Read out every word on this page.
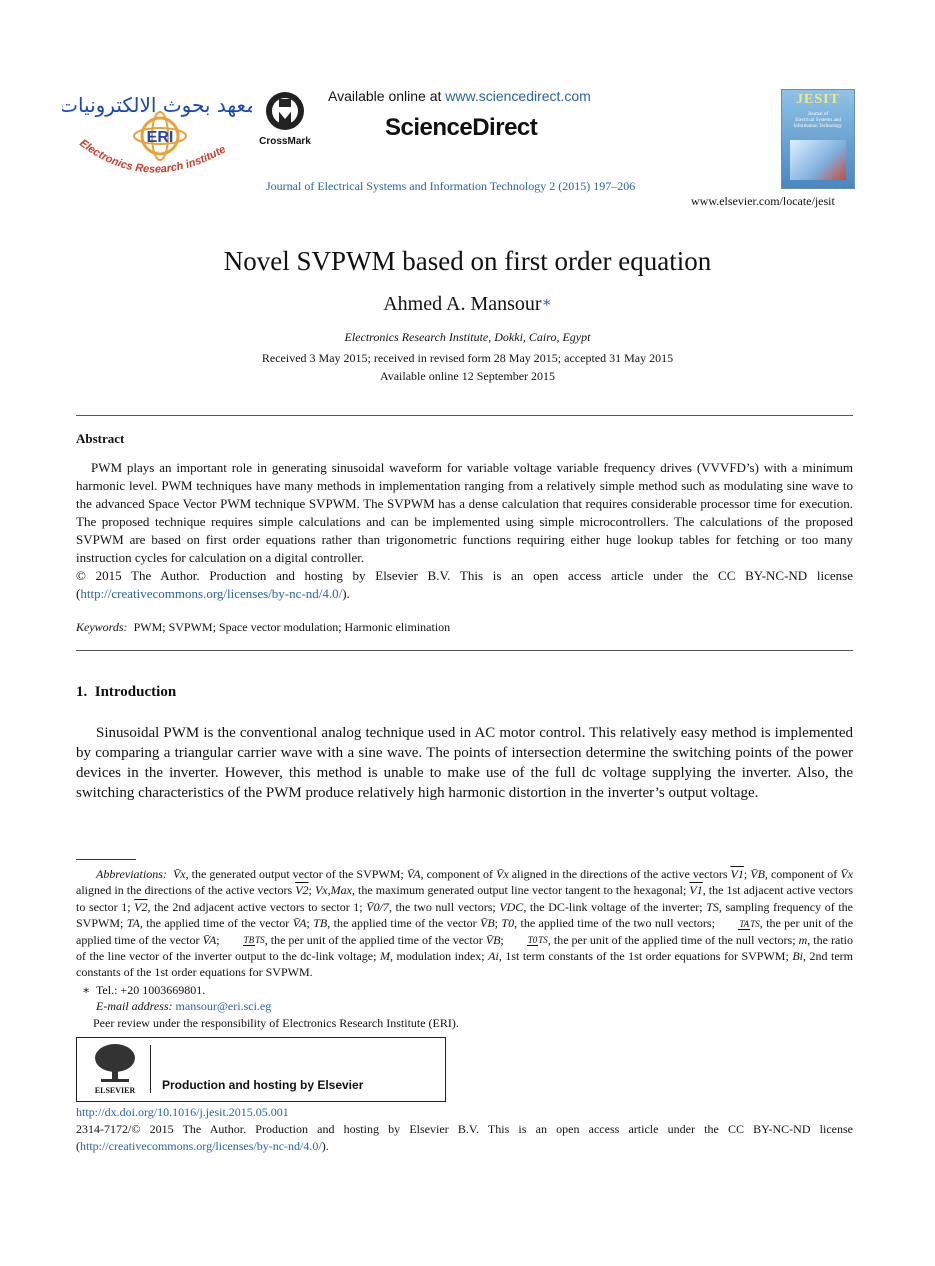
معهد بحوث الالكترونيات
ERI
Electronics Research institute
CrossMark
Available online at www.sciencedirect.com
ScienceDirect
JESIT
Journal of
Electrical Systems and
Information Technology
Journal of Electrical Systems and Information Technology 2 (2015) 197–206
www.elsevier.com/locate/jesit
Novel SVPWM based on first order equation
Ahmed A. Mansour∗
Electronics Research Institute, Dokki, Cairo, Egypt
Received 3 May 2015; received in revised form 28 May 2015; accepted 31 May 2015
Available online 12 September 2015
Abstract
PWM plays an important role in generating sinusoidal waveform for variable voltage variable frequency drives (VVVFD’s) with a minimum harmonic level. PWM techniques have many methods in implementation ranging from a relatively simple method such as modulating sine wave to the advanced Space Vector PWM technique SVPWM. The SVPWM has a dense calculation that requires considerable processor time for execution. The proposed technique requires simple calculations and can be implemented using simple microcontrollers. The calculations of the proposed SVPWM are based on first order equations rather than trigonometric functions requiring either huge lookup tables for fetching or too many instruction cycles for calculation on a digital controller.
© 2015 The Author. Production and hosting by Elsevier B.V. This is an open access article under the CC BY-NC-ND license (http://creativecommons.org/licenses/by-nc-nd/4.0/).
Keywords: PWM; SVPWM; Space vector modulation; Harmonic elimination
1.  Introduction
Sinusoidal PWM is the conventional analog technique used in AC motor control. This relatively easy method is implemented by comparing a triangular carrier wave with a sine wave. The points of intersection determine the switching points of the power devices in the inverter. However, this method is unable to make use of the full dc voltage supplying the inverter. Also, the switching characteristics of the PWM produce relatively high harmonic distortion in the inverter’s output voltage.
Abbreviations: V̄x, the generated output vector of the SVPWM; V̄A, component of V̄x aligned in the directions of the active vectors V1; V̄B, component of V̄x aligned in the directions of the active vectors V2; Vx,Max, the maximum generated output line vector tangent to the hexagonal; V1, the 1st adjacent active vectors to sector 1; V2, the 2nd adjacent active vectors to sector 1; V̄0/7, the two null vectors; VDC, the DC-link voltage of the inverter; TS, sampling frequency of the SVPWM; TA, the applied time of the vector V̄A; TB, the applied time of the vector V̄B; T0, the applied time of the two null vectors; TATS, the per unit of the applied time of the vector V̄A; TBTS, the per unit of the applied time of the vector V̄B; T0TS, the per unit of the applied time of the null vectors; m, the ratio of the line vector of the inverter output to the dc-link voltage; M, modulation index; Ai, 1st term constants of the 1st order equations for SVPWM; Bi, 2nd term constants of the 1st order equations for SVPWM.
∗  Tel.: +20 1003669801.
E-mail address: mansour@eri.sci.eg
Peer review under the responsibility of Electronics Research Institute (ERI).
ELSEVIER	Production and hosting by Elsevier
http://dx.doi.org/10.1016/j.jesit.2015.05.001
2314-7172/© 2015 The Author. Production and hosting by Elsevier B.V. This is an open access article under the CC BY-NC-ND license (http://creativecommons.org/licenses/by-nc-nd/4.0/).
